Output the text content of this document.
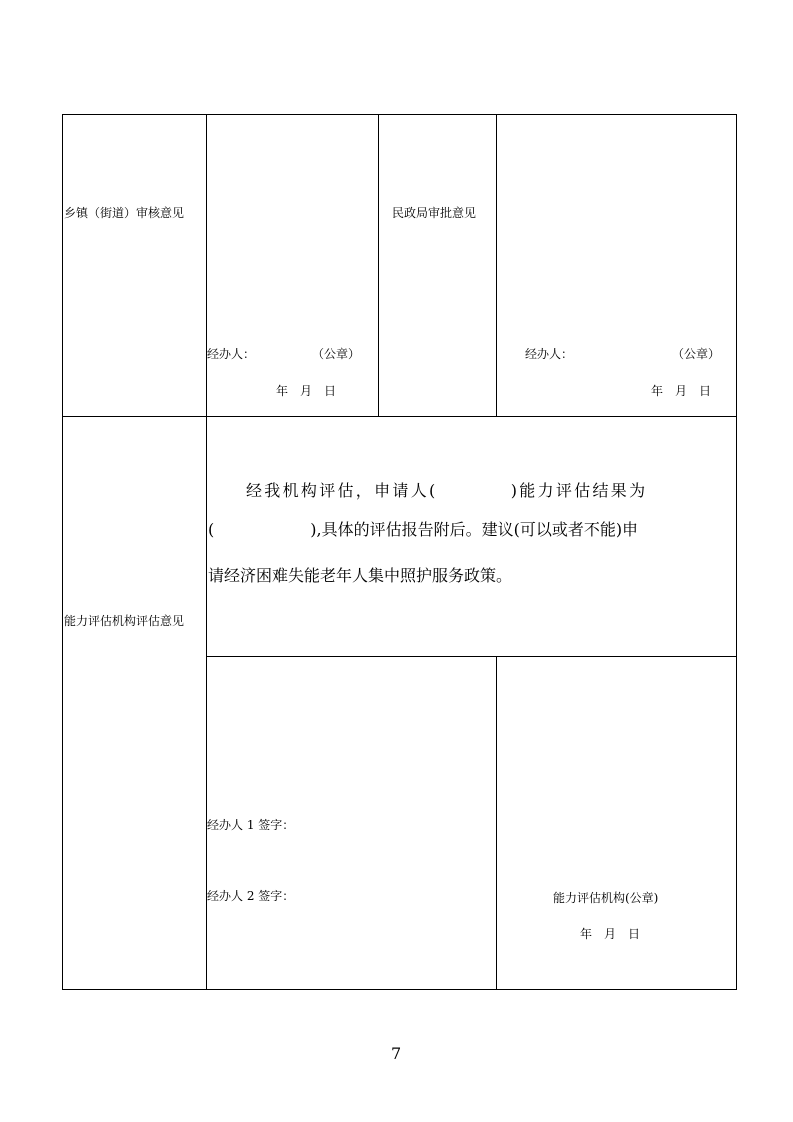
乡镇（街道）审核意见
经办人：	（公章）
年　月　日
民政局审批意见
经办人：	（公章）
年　月　日
能力评估机构评估意见
经我机构评估，申请人(　　　　)能力评估结果为
(　　　　　　),具体的评估报告附后。建议(可以或者不能)申
请经济困难失能老年人集中照护服务政策。
经办人 1 签字：
经办人 2 签字：	能力评估机构(公章)
年　月　日
7
